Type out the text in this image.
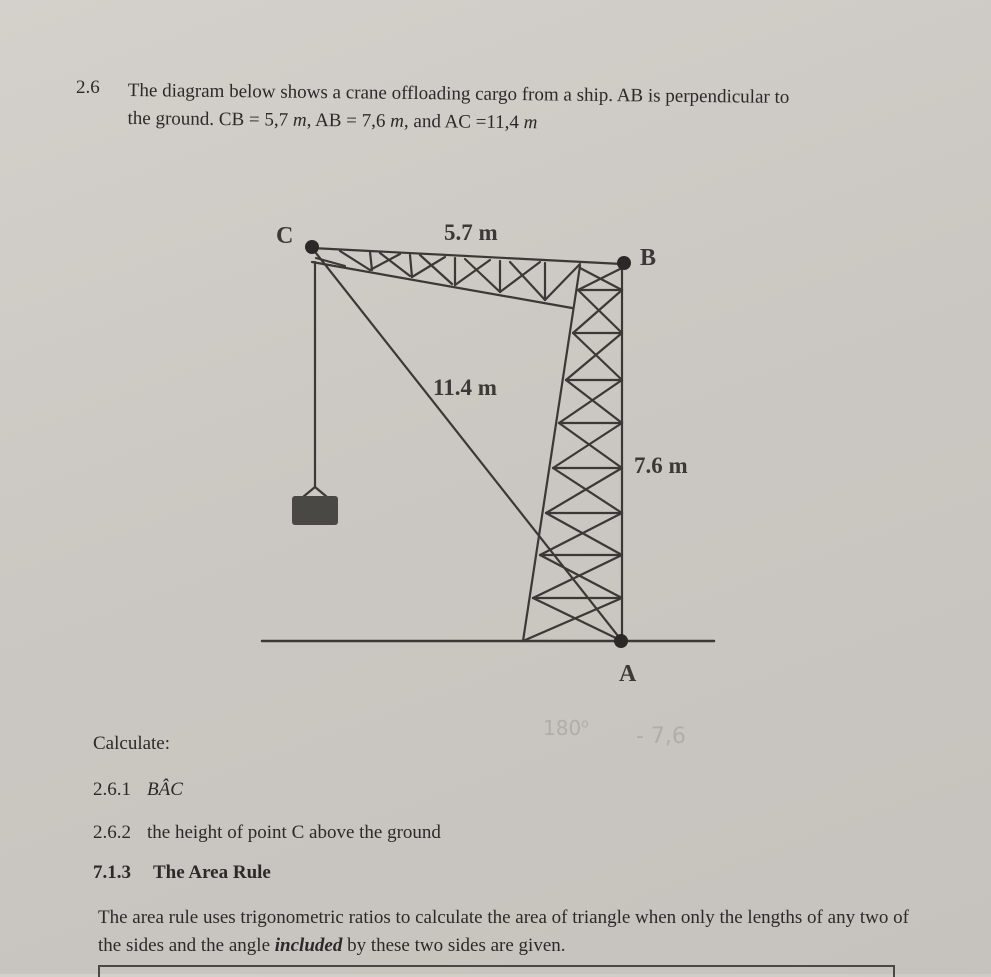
2.6 The diagram below shows a crane offloading cargo from a ship. AB is perpendicular to
the ground. CB = 5,7 m, AB = 7,6 m, and AC =11,4 m
C
B
A
5.7 m
11.4 m
7.6 m
180$^o$
- 7,6
Calculate:
2.6.1 BÂC
2.6.2 the height of point C above the ground
7.1.3 The Area Rule
The area rule uses trigonometric ratios to calculate the area of triangle when only the lengths of any two of the sides and the angle included by these two sides are given.
